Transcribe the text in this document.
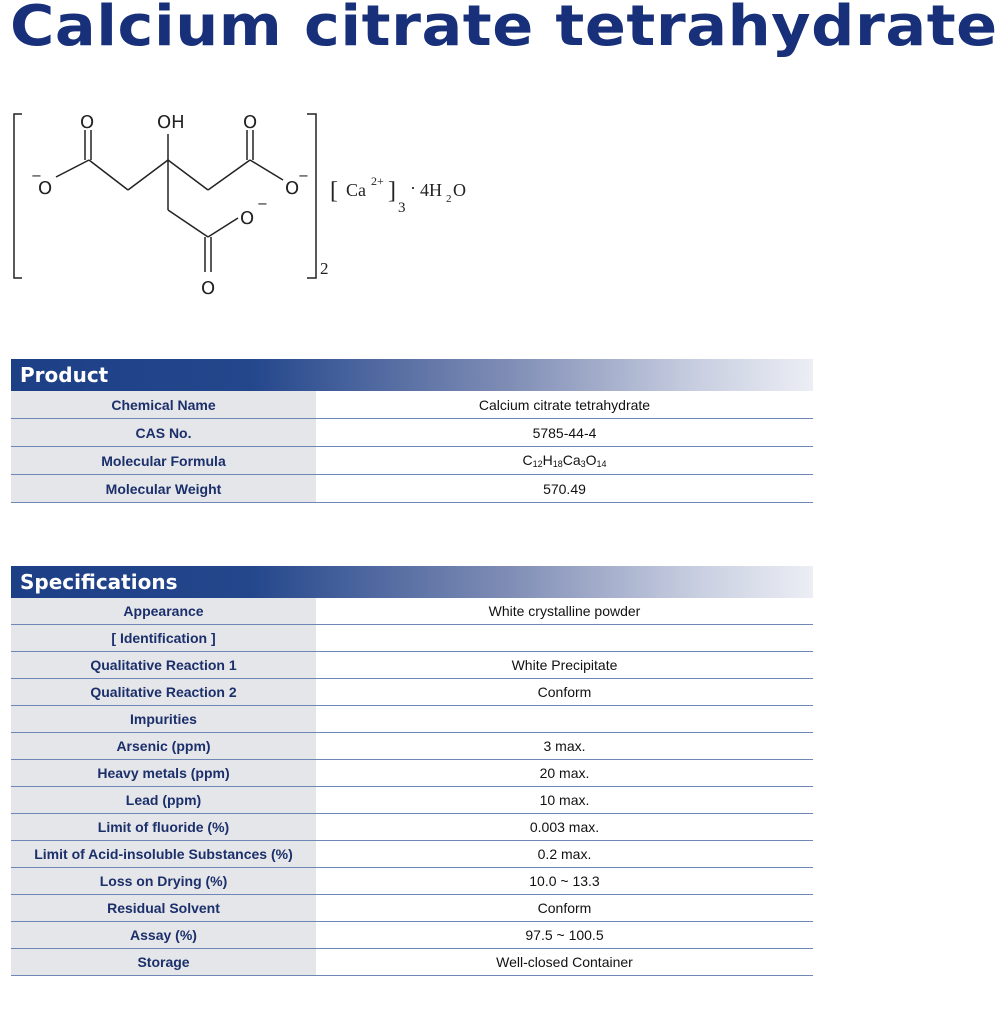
Calcium citrate tetrahydrate
O	OH	O
O
−
O
−
O
−
O
2
[ Ca 2+ ]
3
· 4H 2 O
Product
Chemical Name	Calcium citrate tetrahydrate
CAS No.	5785-44-4
Molecular Formula	$C_{12}H_{18}Ca_3O_{14}$
Molecular Weight	570.49
Specifications
Appearance	White crystalline powder
[ Identification ]	
Qualitative Reaction 1	White Precipitate
Qualitative Reaction 2	Conform
Impurities	
Arsenic (ppm)	3 max.
Heavy metals (ppm)	20 max.
Lead (ppm)	10 max.
Limit of fluoride (%)	0.003 max.
Limit of Acid-insoluble Substances (%)	0.2 max.
Loss on Drying (%)	10.0 ~ 13.3
Residual Solvent	Conform
Assay (%)	97.5 ~ 100.5
Storage	Well-closed Container
